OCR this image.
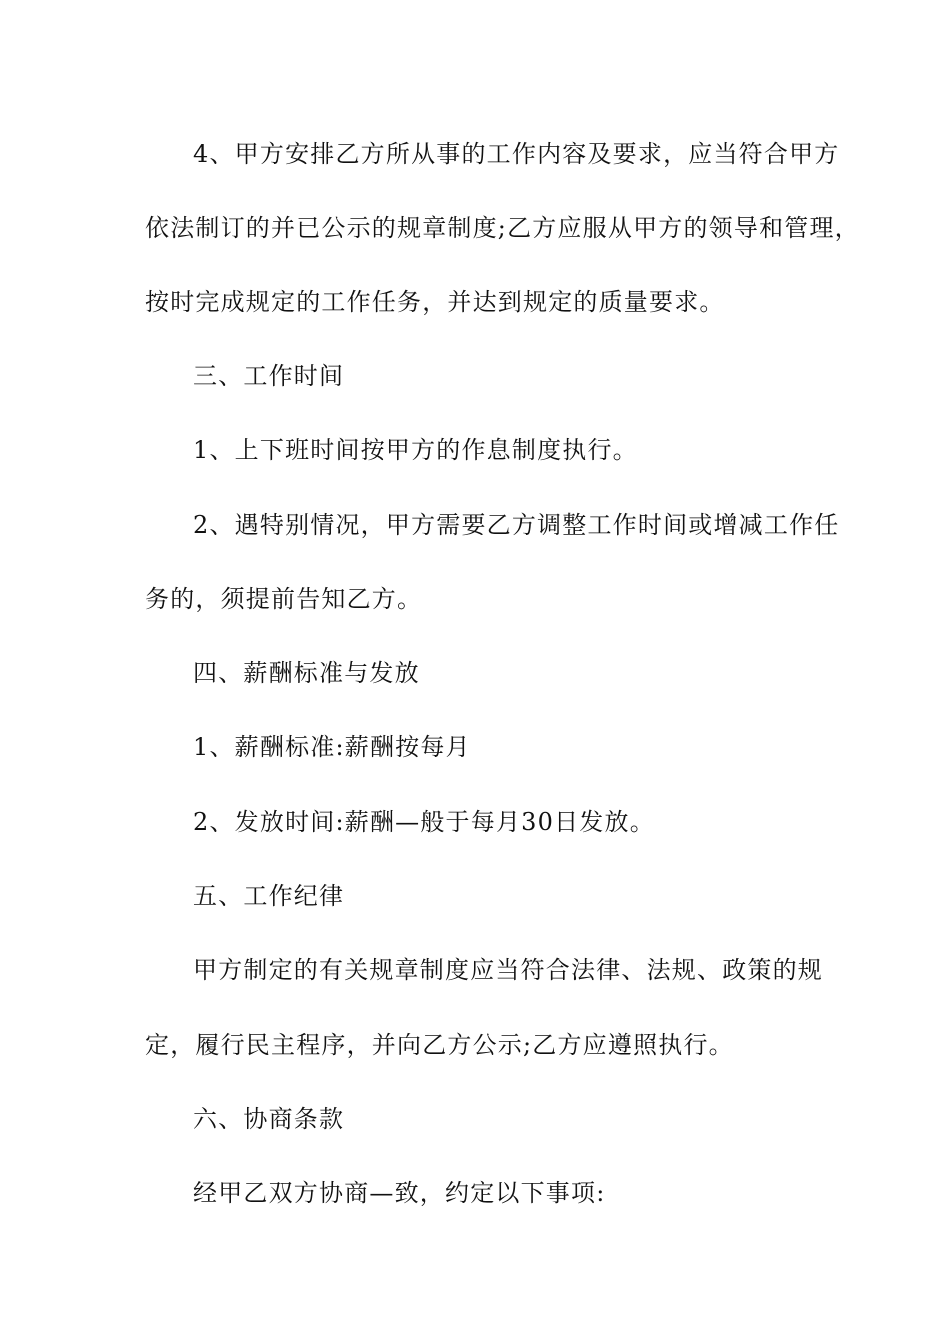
4、甲方安排乙方所从事的工作内容及要求，应当符合甲方
依法制订的并已公示的规章制度;乙方应服从甲方的领导和管理，
按时完成规定的工作任务，并达到规定的质量要求。
三、工作时间
1、上下班时间按甲方的作息制度执行。
2、遇特别情况，甲方需要乙方调整工作时间或增减工作任
务的，须提前告知乙方。
四、薪酬标准与发放
1、薪酬标准:薪酬按每月
2、发放时间:薪酬—般于每月30日发放。
五、工作纪律
甲方制定的有关规章制度应当符合法律、法规、政策的规
定，履行民主程序，并向乙方公示;乙方应遵照执行。
六、协商条款
经甲乙双方协商—致，约定以下事项:
